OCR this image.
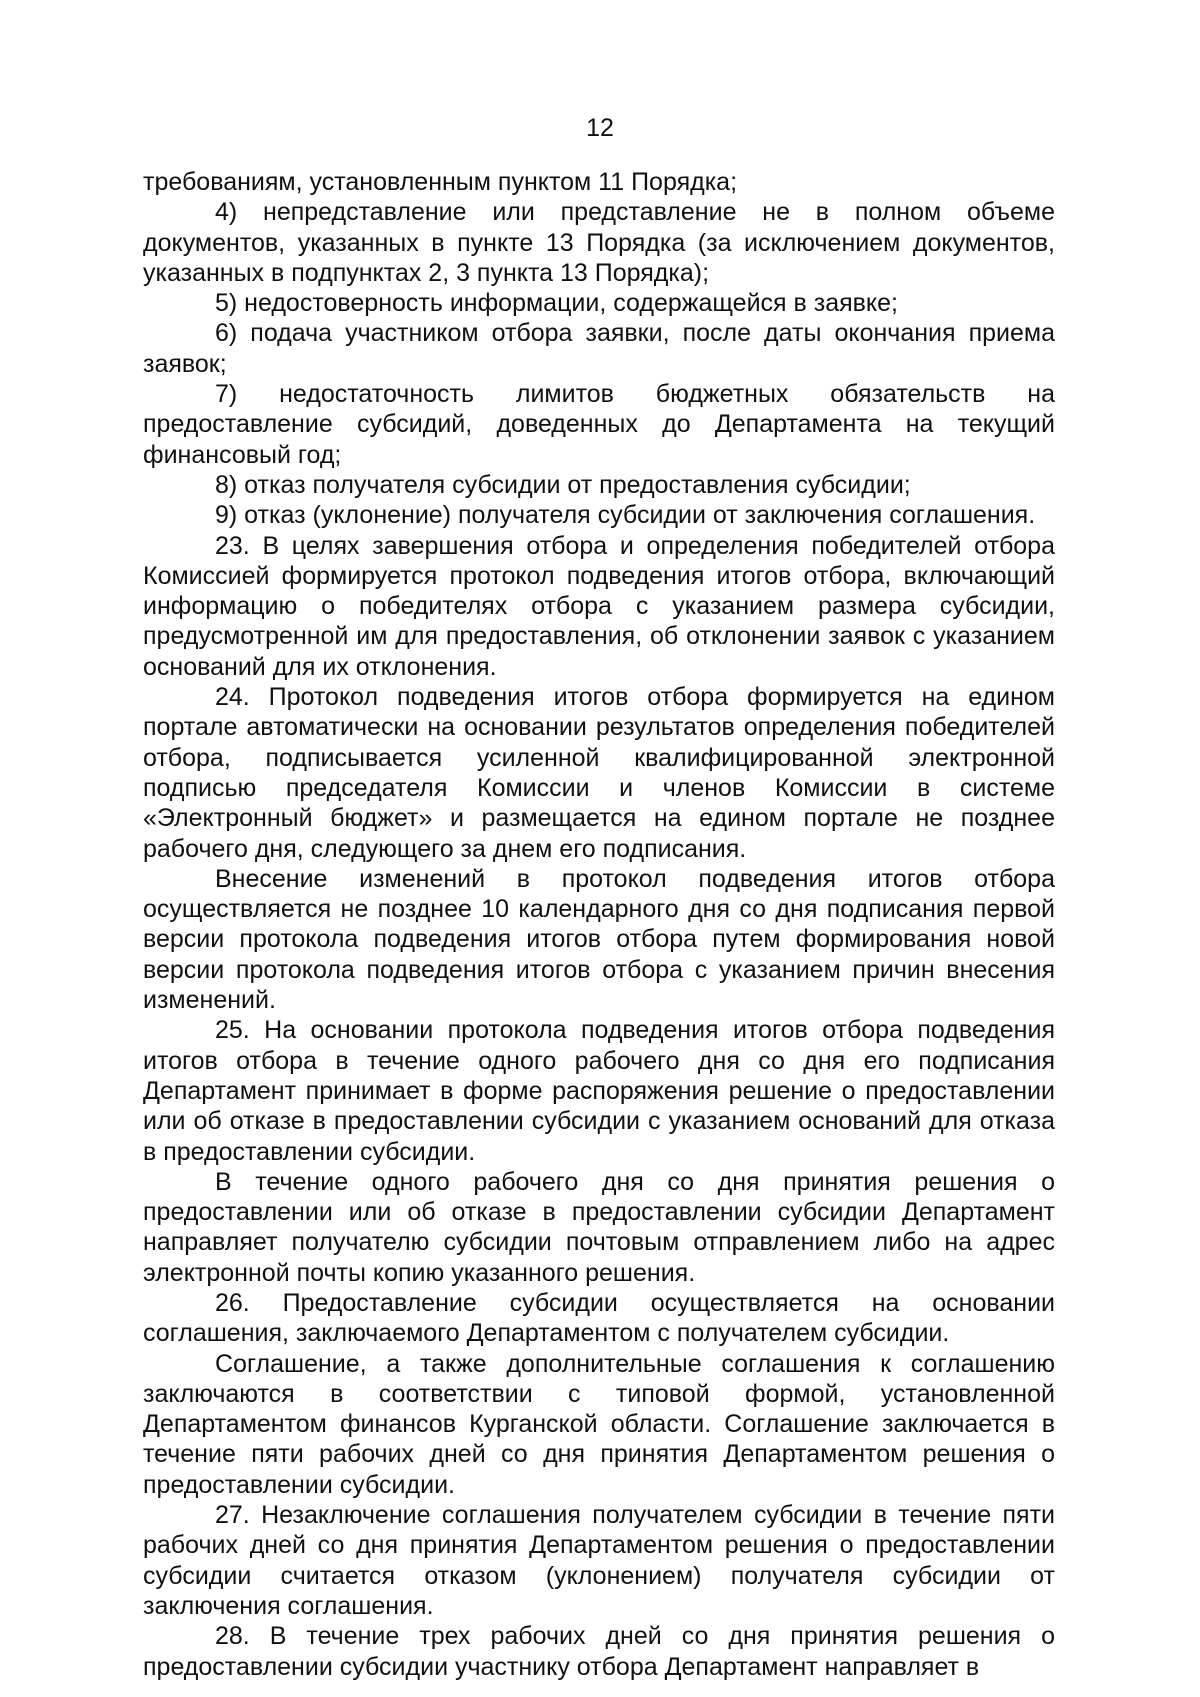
12

требованиям, установленным пунктом 11 Порядка;

4) непредставление или представление не в полном объеме документов, указанных в пункте 13 Порядка (за исключением документов, указанных в подпунктах 2, 3 пункта 13 Порядка);

5) недостоверность информации, содержащейся в заявке;

6) подача участником отбора заявки, после даты окончания приема заявок;

7) недостаточность лимитов бюджетных обязательств на предоставление субсидий, доведенных до Департамента на текущий финансовый год;

8) отказ получателя субсидии от предоставления субсидии;

9) отказ (уклонение) получателя субсидии от заключения соглашения.

23. В целях завершения отбора и определения победителей отбора Комиссией формируется протокол подведения итогов отбора, включающий информацию о победителях отбора с указанием размера субсидии, предусмотренной им для предоставления, об отклонении заявок с указанием оснований для их отклонения.

24. Протокол подведения итогов отбора формируется на едином портале автоматически на основании результатов определения победителей отбора, подписывается усиленной квалифицированной электронной подписью председателя Комиссии и членов Комиссии в системе «Электронный бюджет» и размещается на едином портале не позднее рабочего дня, следующего за днем его подписания.

Внесение изменений в протокол подведения итогов отбора осуществляется не позднее 10 календарного дня со дня подписания первой версии протокола подведения итогов отбора путем формирования новой версии протокола подведения итогов отбора с указанием причин внесения изменений.

25. На основании протокола подведения итогов отбора подведения итогов отбора в течение одного рабочего дня со дня его подписания Департамент принимает в форме распоряжения решение о предоставлении или об отказе в предоставлении субсидии с указанием оснований для отказа в предоставлении субсидии.

В течение одного рабочего дня со дня принятия решения о предоставлении или об отказе в предоставлении субсидии Департамент направляет получателю субсидии почтовым отправлением либо на адрес электронной почты копию указанного решения.

26. Предоставление субсидии осуществляется на основании соглашения, заключаемого Департаментом с получателем субсидии.

Соглашение, а также дополнительные соглашения к соглашению заключаются в соответствии с типовой формой, установленной Департаментом финансов Курганской области. Соглашение заключается в течение пяти рабочих дней со дня принятия Департаментом решения о предоставлении субсидии.

27. Незаключение соглашения получателем субсидии в течение пяти рабочих дней со дня принятия Департаментом решения о предоставлении субсидии считается отказом (уклонением) получателя субсидии от заключения соглашения.

28. В течение трех рабочих дней со дня принятия решения о предоставлении субсидии участнику отбора Департамент направляет в
